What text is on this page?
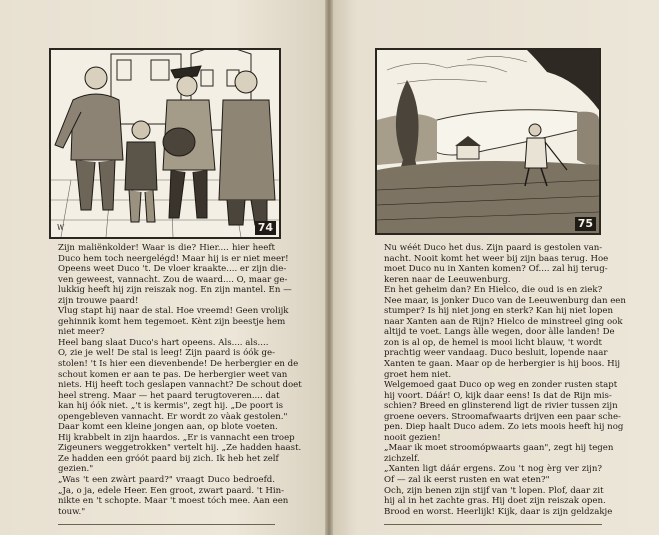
W	74	75
Zijn maliënkolder! Waar is die? Hier.... hier heeft
Duco hem toch neergelégd! Maar hij is er niet meer!
Opeens weet Duco 't. De vloer kraakte.... er zijn die-
ven geweest, vannacht. Zou de waard.... O, maar ge-
lukkig heeft hij zijn reiszak nog. En zijn mantel. En —
zijn trouwe paard!
Vlug stapt hij naar de stal. Hoe vreemd! Geen vrolijk
gehinnik komt hem tegemoet. Kènt zijn beestje hem
niet meer?
Heel bang slaat Duco's hart opeens. Als.... als....
O, zie je wel! De stal is leeg! Zijn paard is óók ge-
stolen! 't Is hier een dievenbende! De herbergier en de
schout komen er aan te pas. De herbergier weet van
niets. Hij heeft toch geslapen vannacht? De schout doet
heel streng. Maar — het paard terugtoveren.... dat
kan hij óók niet. „'t is kermis", zegt hij. „De poort is
opengebleven vannacht. Er wordt zo vàak gestolen."
Daar komt een kleine jongen aan, op blote voeten.
Hij krabbelt in zijn haardos. „Er is vannacht een troep
Zigeuners weggetrokken" vertelt hij. „Ze hadden haast.
Ze hadden een gróót paard bij zich. Ik heb het zelf
gezien."
„Was 't een zwàrt paard?" vraagt Duco bedroefd.
„Ja, o ja, edele Heer. Een groot, zwart paard. 't Hin-
nikte en 't schopte. Maar 't moest tóch mee. Aan een
touw."
Nu wéét Duco het dus. Zijn paard is gestolen van-
nacht. Nooit komt het weer bij zijn baas terug. Hoe
moet Duco nu in Xanten komen? Of.... zal hij terug-
keren naar de Leeuwenburg.
En het geheim dan? En Hielco, die oud is en ziek?
Nee maar, is jonker Duco van de Leeuwenburg dan een
stumper? Is hij niet jong en sterk? Kan hij niet lopen
naar Xanten aan de Rijn? Hielco de minstreel ging ook
altijd te voet. Langs àlle wegen, door àlle landen! De
zon is al op, de hemel is mooi licht blauw, 't wordt
prachtig weer vandaag. Duco besluit, lopende naar
Xanten te gaan. Maar op de herbergier is hij boos. Hij
groet hem niet.
Welgemoed gaat Duco op weg en zonder rusten stapt
hij voort. Dáár! O, kijk daar eens! Is dat de Rijn mis-
schien? Breed en glinsterend ligt de rivier tussen zijn
groene oevers. Stroomafwaarts drijven een paar sche-
pen. Diep haalt Duco adem. Zo iets moois heeft hij nog
nooit gezien!
„Maar ik moet stroomópwaarts gaan", zegt hij tegen
zichzelf.
„Xanten ligt dáár ergens. Zou 't nog èrg ver zijn?
Of — zal ik eerst rusten en wat eten?"
Och, zijn benen zijn stijf van 't lopen. Plof, daar zit
hij al in het zachte gras. Hij doet zijn reiszak open.
Brood en worst. Heerlijk! Kijk, daar is zijn geldzakje
